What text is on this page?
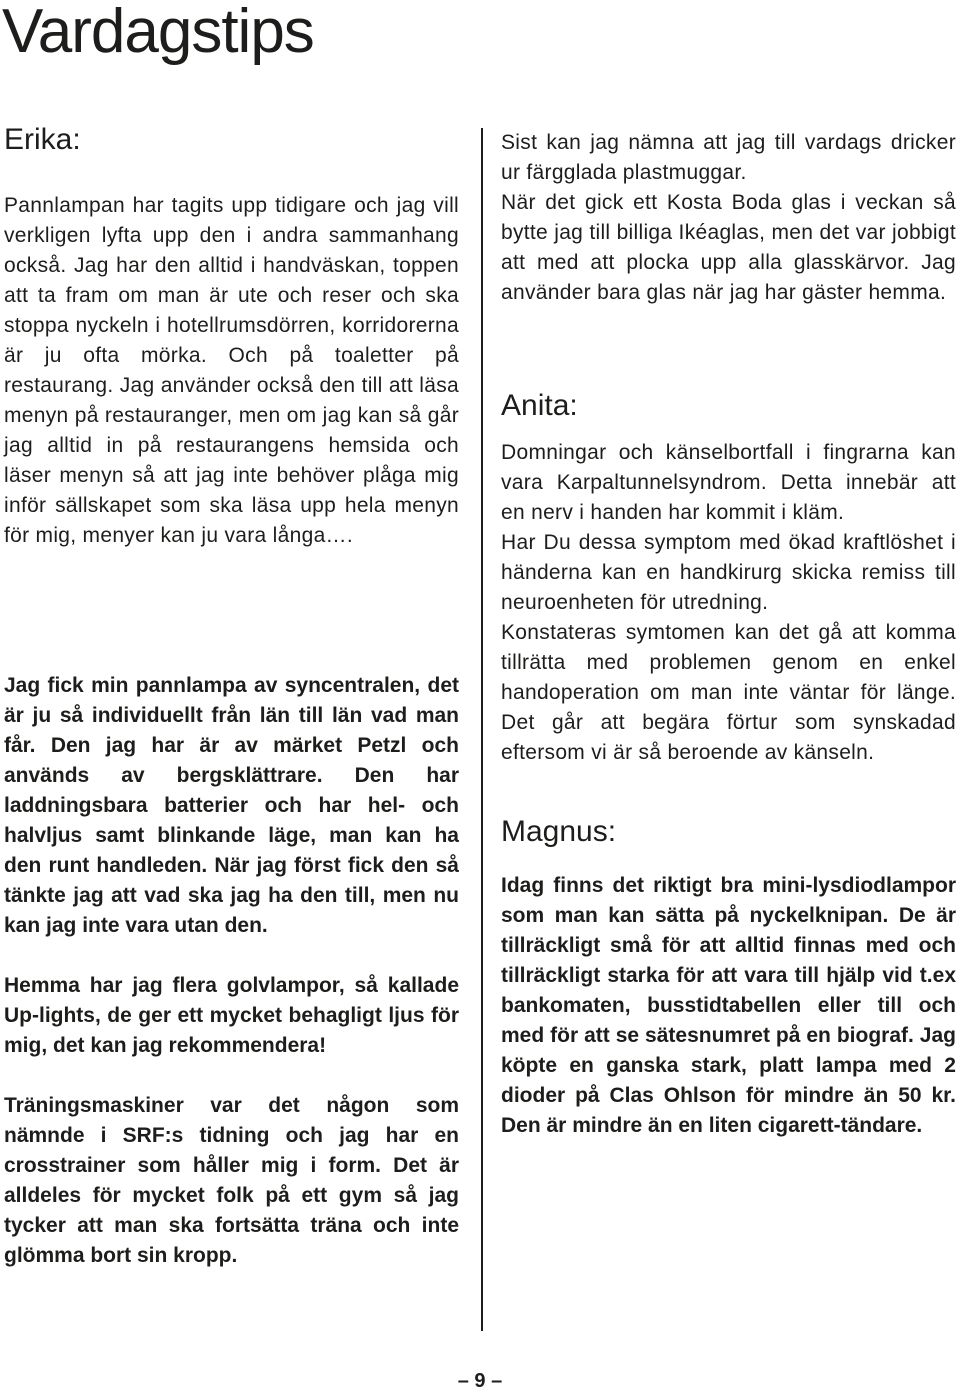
Vardagstips
Erika:

Pannlampan har tagits upp tidigare och jag vill verkligen lyfta upp den i andra sammanhang också. Jag har den alltid i handväskan, toppen att ta fram om man är ute och reser och ska stoppa nyckeln i hotellrumsdörren, korridorerna är ju ofta mörka. Och på toaletter på restaurang. Jag använder också den till att läsa menyn på restauranger, men om jag kan så går jag alltid in på restaurangens hemsida och läser menyn så att jag inte behöver plåga mig inför sällskapet som ska läsa upp hela menyn för mig, menyer kan ju vara långa….

Jag fick min pannlampa av syncentralen, det är ju så individuellt från län till län vad man får. Den jag har är av märket Petzl och används av bergsklättrare. Den har laddningsbara batterier och har hel- och halvljus samt blinkande läge, man kan ha den runt handleden. När jag först fick den så tänkte jag att vad ska jag ha den till, men nu kan jag inte vara utan den.

Hemma har jag flera golvlampor, så kallade Up-lights, de ger ett mycket behagligt ljus för mig, det kan jag rekommendera!

Träningsmaskiner var det någon som nämnde i SRF:s tidning och jag har en crosstrainer som håller mig i form. Det är alldeles för mycket folk på ett gym så jag tycker att man ska fortsätta träna och inte glömma bort sin kropp.

Sist kan jag nämna att jag till vardags dricker ur färgglada plastmuggar.

När det gick ett Kosta Boda glas i veckan så bytte jag till billiga Ikéaglas, men det var jobbigt att med att plocka upp alla glasskärvor. Jag använder bara glas när jag har gäster hemma.

Anita:

Domningar och känselbortfall i fingrarna kan vara Karpaltunnelsyndrom. Detta innebär att en nerv i handen har kommit i kläm.

Har Du dessa symptom med ökad kraftlöshet i händerna kan en handkirurg skicka remiss till neuroenheten för utredning.

Konstateras symtomen kan det gå att komma tillrätta med problemen genom en enkel handoperation om man inte väntar för länge. Det går att begära förtur som synskadad eftersom vi är så beroende av känseln.

Magnus:

Idag finns det riktigt bra mini-lysdiodlampor som man kan sätta på nyckelknipan. De är tillräckligt små för att alltid finnas med och tillräckligt starka för att vara till hjälp vid t.ex bankomaten, busstidtabellen eller till och med för att se sätesnumret på en biograf. Jag köpte en ganska stark, platt lampa med 2 dioder på Clas Ohlson för mindre än 50 kr. Den är mindre än en liten cigarett-tändare.

– 9 –
